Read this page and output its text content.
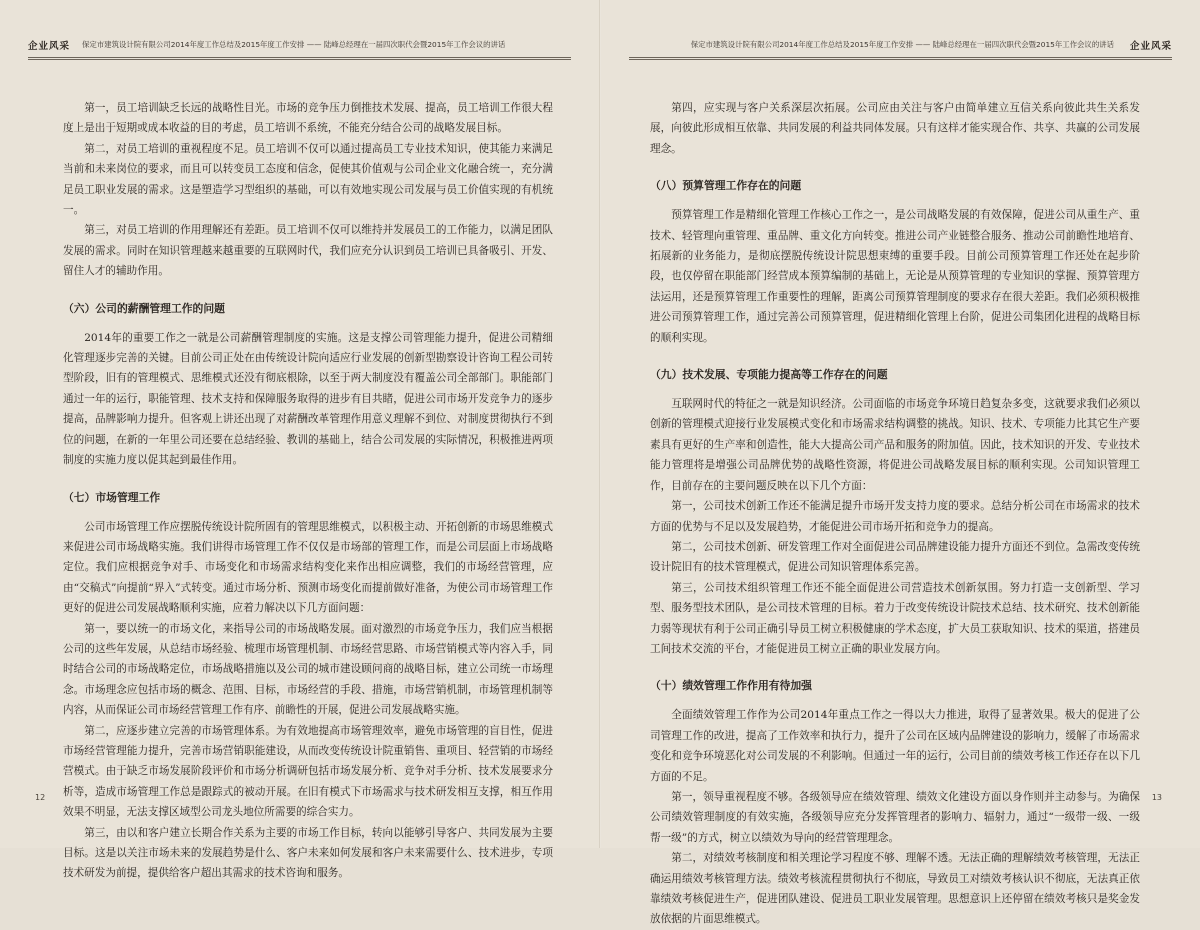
企业风采 保定市建筑设计院有限公司2014年度工作总结及2015年度工作安排 —— 陆峰总经理在一届四次职代会暨2015年工作会议的讲话

第一，员工培训缺乏长远的战略性目光。市场的竞争压力倒推技术发展、提高，员工培训工作很大程度上是出于短期或成本收益的目的考虑，员工培训不系统，不能充分结合公司的战略发展目标。

第二，对员工培训的重视程度不足。员工培训不仅可以通过提高员工专业技术知识，使其能力来满足当前和未来岗位的要求，而且可以转变员工态度和信念，促使其价值观与公司企业文化融合统一，充分满足员工职业发展的需求。这是塑造学习型组织的基础，可以有效地实现公司发展与员工价值实现的有机统一。

第三，对员工培训的作用理解还有差距。员工培训不仅可以维持并发展员工的工作能力，以满足团队发展的需求。同时在知识管理越来越重要的互联网时代，我们应充分认识到员工培训已具备吸引、开发、留住人才的辅助作用。

（六）公司的薪酬管理工作的问题

2014年的重要工作之一就是公司薪酬管理制度的实施。这是支撑公司管理能力提升，促进公司精细化管理逐步完善的关键。目前公司正处在由传统设计院向适应行业发展的创新型勘察设计咨询工程公司转型阶段，旧有的管理模式、思维模式还没有彻底根除，以至于两大制度没有覆盖公司全部部门。职能部门通过一年的运行，职能管理、技术支持和保障服务取得的进步有目共睹，促进公司市场开发竞争力的逐步提高，品牌影响力提升。但客观上讲还出现了对薪酬改革管理作用意义理解不到位、对制度贯彻执行不到位的问题，在新的一年里公司还要在总结经验、教训的基础上，结合公司发展的实际情况，积极推进两项制度的实施力度以促其起到最佳作用。

（七）市场管理工作

公司市场管理工作应摆脱传统设计院所固有的管理思维模式，以积极主动、开拓创新的市场思维模式来促进公司市场战略实施。我们讲得市场管理工作不仅仅是市场部的管理工作，而是公司层面上市场战略定位。我们应根据竞争对手、市场变化和市场需求结构变化来作出相应调整，我们的市场经营管理，应由“交稿式”向提前“界入”式转变。通过市场分析、预测市场变化而提前做好准备，为使公司市场管理工作更好的促进公司发展战略顺利实施，应着力解决以下几方面问题：

第一，要以统一的市场文化，来指导公司的市场战略发展。面对激烈的市场竞争压力，我们应当根据公司的这些年发展，从总结市场经验、梳理市场管理机制、市场经营思路、市场营销模式等内容入手，同时结合公司的市场战略定位，市场战略措施以及公司的城市建设顾问商的战略目标，建立公司统一市场理念。市场理念应包括市场的概念、范围、目标，市场经营的手段、措施，市场营销机制，市场管理机制等内容，从而保证公司市场经营管理工作有序、前瞻性的开展，促进公司发展战略实施。

第二，应逐步建立完善的市场管理体系。为有效地提高市场管理效率，避免市场管理的盲目性，促进市场经营管理能力提升，完善市场营销职能建设，从而改变传统设计院重销售、重项目、轻营销的市场经营模式。由于缺乏市场发展阶段评价和市场分析调研包括市场发展分析、竞争对手分析、技术发展要求分析等，造成市场管理工作总是跟踪式的被动开展。在旧有模式下市场需求与技术研发相互支撑，相互作用效果不明显，无法支撑区域型公司龙头地位所需要的综合实力。

第三，由以和客户建立长期合作关系为主要的市场工作目标，转向以能够引导客户、共同发展为主要目标。这是以关注市场未来的发展趋势是什么、客户未来如何发展和客户未来需要什么、技术进步，专项技术研发为前提，提供给客户超出其需求的技术咨询和服务。

12
保定市建筑设计院有限公司2014年度工作总结及2015年度工作安排 —— 陆峰总经理在一届四次职代会暨2015年工作会议的讲话 企业风采

第四，应实现与客户关系深层次拓展。公司应由关注与客户由简单建立互信关系向彼此共生关系发展，向彼此形成相互依靠、共同发展的利益共同体发展。只有这样才能实现合作、共享、共赢的公司发展理念。

（八）预算管理工作存在的问题

预算管理工作是精细化管理工作核心工作之一，是公司战略发展的有效保障，促进公司从重生产、重技术、轻管理向重管理、重品牌、重文化方向转变。推进公司产业链整合服务、推动公司前瞻性地培育、拓展新的业务能力，是彻底摆脱传统设计院思想束缚的重要手段。目前公司预算管理工作还处在起步阶段，也仅停留在职能部门经营成本预算编制的基础上，无论是从预算管理的专业知识的掌握、预算管理方法运用，还是预算管理工作重要性的理解，距离公司预算管理制度的要求存在很大差距。我们必须积极推进公司预算管理工作，通过完善公司预算管理，促进精细化管理上台阶，促进公司集团化进程的战略目标的顺利实现。

（九）技术发展、专项能力提高等工作存在的问题

互联网时代的特征之一就是知识经济。公司面临的市场竞争环境日趋复杂多变，这就要求我们必须以创新的管理模式迎接行业发展模式变化和市场需求结构调整的挑战。知识、技术、专项能力比其它生产要素具有更好的生产率和创造性，能大大提高公司产品和服务的附加值。因此，技术知识的开发、专业技术能力管理将是增强公司品牌优势的战略性资源，将促进公司战略发展目标的顺利实现。公司知识管理工作，目前存在的主要问题反映在以下几个方面：

第一，公司技术创新工作还不能满足提升市场开发支持力度的要求。总结分析公司在市场需求的技术方面的优势与不足以及发展趋势，才能促进公司市场开拓和竞争力的提高。

第二，公司技术创新、研发管理工作对全面促进公司品牌建设能力提升方面还不到位。急需改变传统设计院旧有的技术管理模式，促进公司知识管理体系完善。

第三，公司技术组织管理工作还不能全面促进公司营造技术创新氛围。努力打造一支创新型、学习型、服务型技术团队，是公司技术管理的目标。着力于改变传统设计院技术总结、技术研究、技术创新能力弱等现状有利于公司正确引导员工树立积极健康的学术态度，扩大员工获取知识、技术的渠道，搭建员工间技术交流的平台，才能促进员工树立正确的职业发展方向。

（十）绩效管理工作作用有待加强

全面绩效管理工作作为公司2014年重点工作之一得以大力推进，取得了显著效果。极大的促进了公司管理工作的改进，提高了工作效率和执行力，提升了公司在区域内品牌建设的影响力，缓解了市场需求变化和竞争环境恶化对公司发展的不利影响。但通过一年的运行，公司目前的绩效考核工作还存在以下几方面的不足。

第一，领导重视程度不够。各级领导应在绩效管理、绩效文化建设方面以身作则并主动参与。为确保公司绩效管理制度的有效实施，各级领导应充分发挥管理者的影响力、辐射力，通过“一级带一级、一级帮一级”的方式，树立以绩效为导向的经营管理理念。

第二，对绩效考核制度和相关理论学习程度不够、理解不透。无法正确的理解绩效考核管理，无法正确运用绩效考核管理方法。绩效考核流程贯彻执行不彻底，导致员工对绩效考核认识不彻底，无法真正依靠绩效考核促进生产，促进团队建设、促进员工职业发展管理。思想意识上还停留在绩效考核只是奖金发放依据的片面思维模式。

13
